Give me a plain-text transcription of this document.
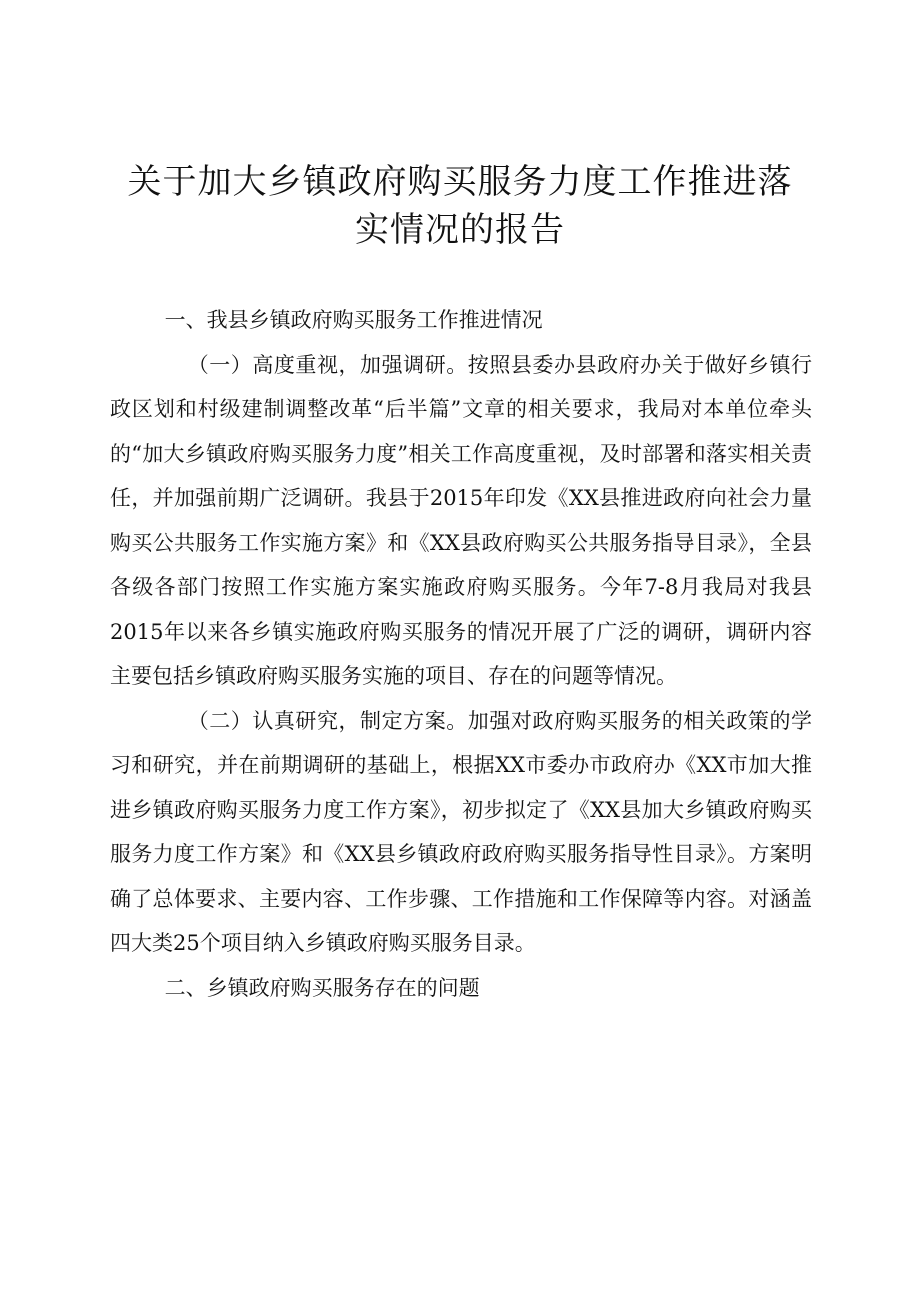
关于加大乡镇政府购买服务力度工作推进落
实情况的报告

一、我县乡镇政府购买服务工作推进情况

（一）高度重视，加强调研。按照县委办县政府办关于做好乡镇行政区划和村级建制调整改革“后半篇”文章的相关要求，我局对本单位牵头的“加大乡镇政府购买服务力度”相关工作高度重视，及时部署和落实相关责任，并加强前期广泛调研。我县于2015年印发《XX县推进政府向社会力量购买公共服务工作实施方案》和《XX县政府购买公共服务指导目录》，全县各级各部门按照工作实施方案实施政府购买服务。今年7-8月我局对我县2015年以来各乡镇实施政府购买服务的情况开展了广泛的调研，调研内容主要包括乡镇政府购买服务实施的项目、存在的问题等情况。

（二）认真研究，制定方案。加强对政府购买服务的相关政策的学习和研究，并在前期调研的基础上，根据XX市委办市政府办《XX市加大推进乡镇政府购买服务力度工作方案》，初步拟定了《XX县加大乡镇政府购买服务力度工作方案》和《XX县乡镇政府政府购买服务指导性目录》。方案明确了总体要求、主要内容、工作步骤、工作措施和工作保障等内容。对涵盖四大类25个项目纳入乡镇政府购买服务目录。

二、乡镇政府购买服务存在的问题
